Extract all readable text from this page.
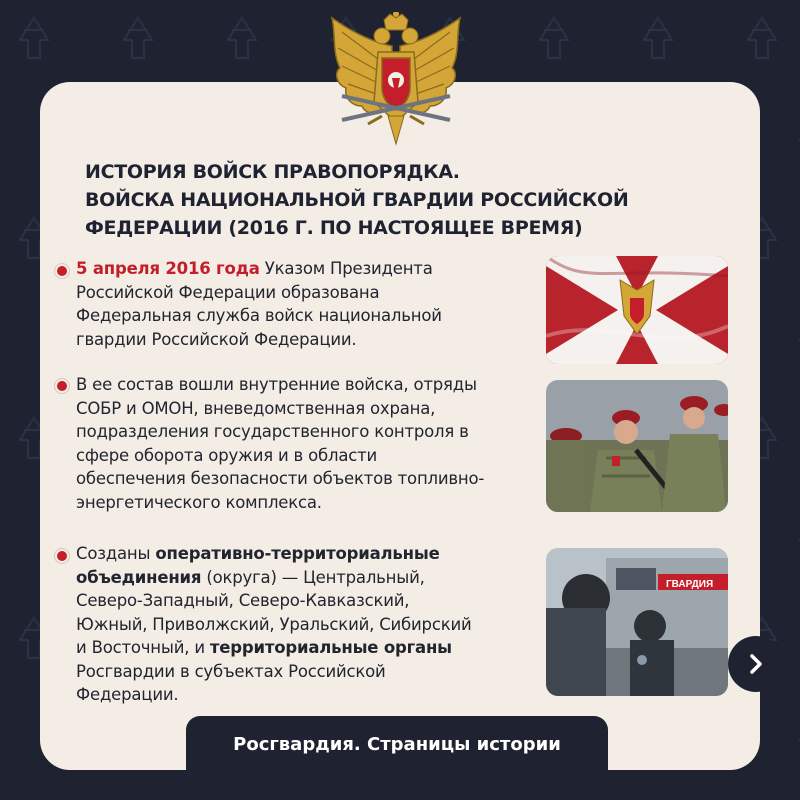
ИСТОРИЯ ВОЙСК ПРАВОПОРЯДКА.
ВОЙСКА НАЦИОНАЛЬНОЙ ГВАРДИИ РОССИЙСКОЙ
ФЕДЕРАЦИИ (2016 Г. ПО НАСТОЯЩЕЕ ВРЕМЯ)
5 апреля 2016 года Указом Президента
Российской Федерации образована
Федеральная служба войск национальной
гвардии Российской Федерации.
В ее состав вошли внутренние войска, отряды
СОБР и ОМОН, вневедомственная охрана,
подразделения государственного контроля в
сфере оборота оружия и в области
обеспечения безопасности объектов топливно-
энергетического комплекса.
Созданы оперативно-территориальные
объединения (округа) — Центральный,
Северо-Западный, Северо-Кавказский,
Южный, Приволжский, Уральский, Сибирский
и Восточный, и территориальные органы
Росгвардии в субъектах Российской
Федерации.
ГВАРДИЯ
Росгвардия. Страницы истории
